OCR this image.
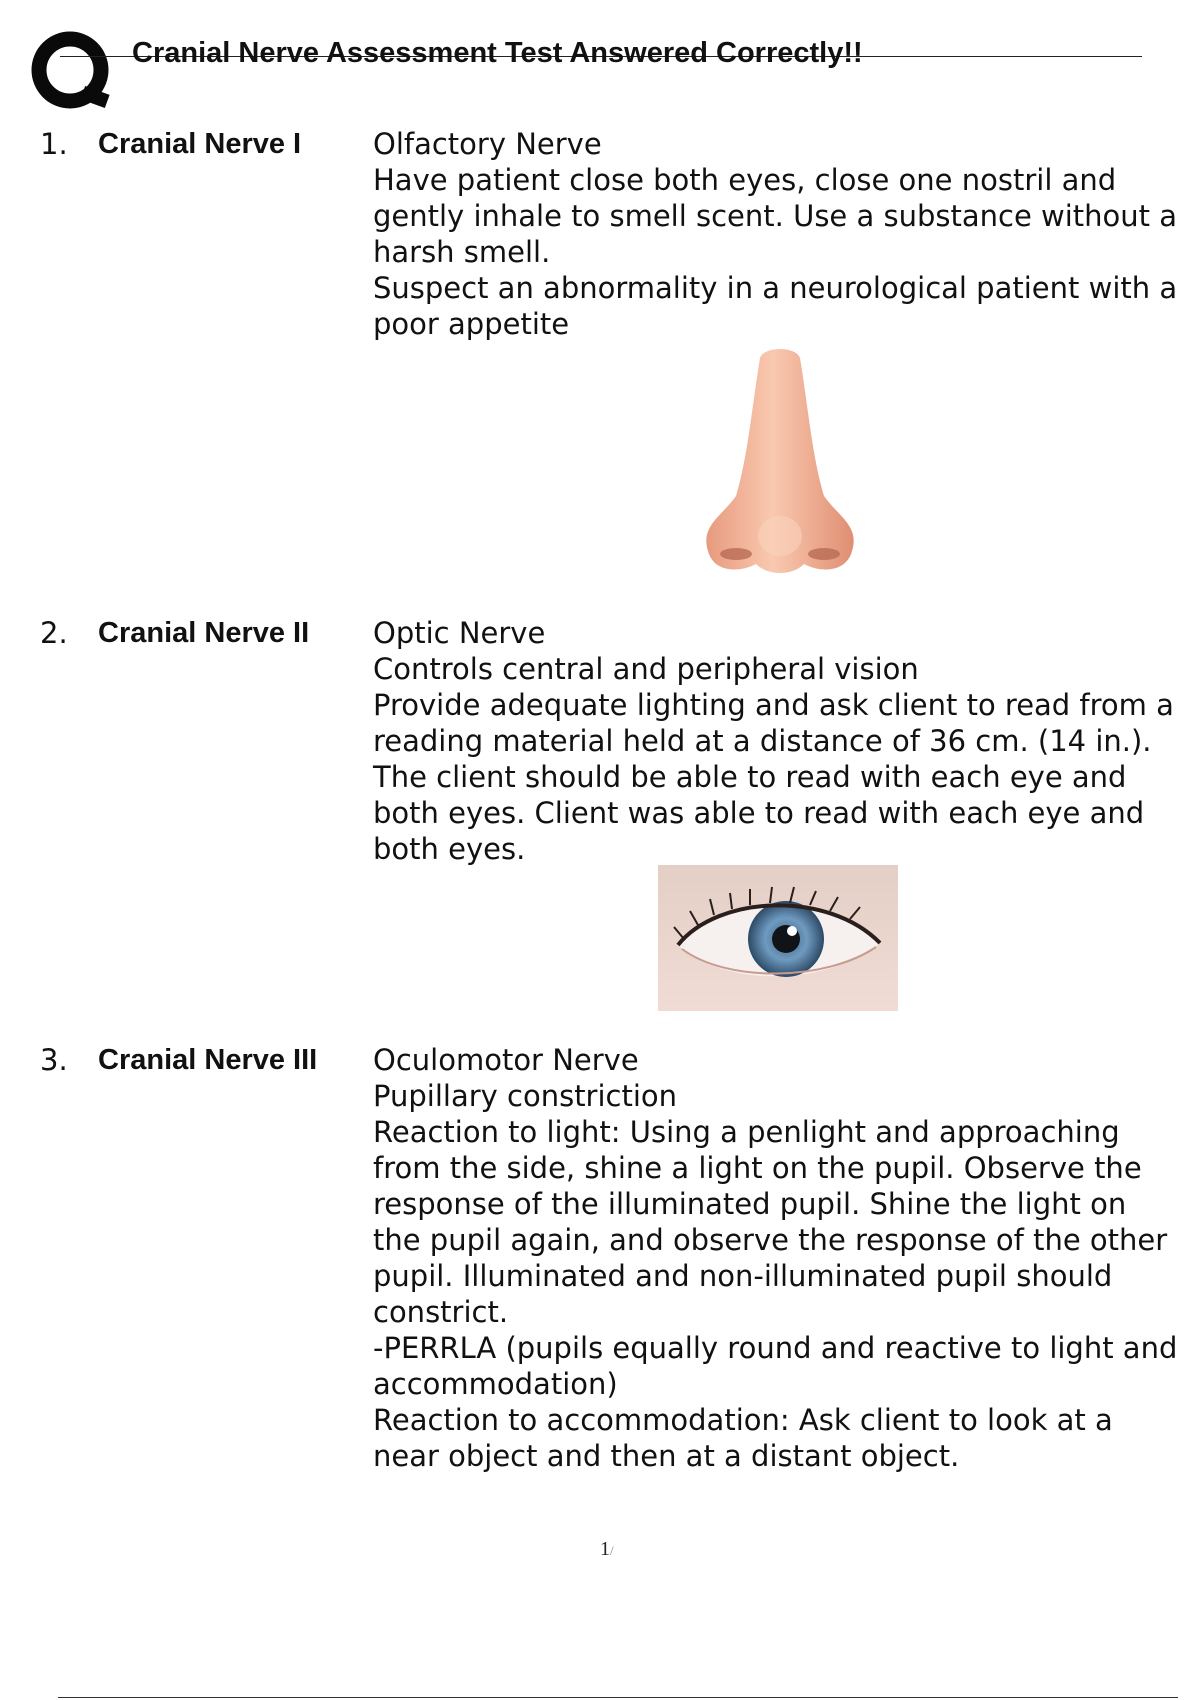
Cranial Nerve Assessment Test Answered Correctly!!
1. Cranial Nerve I Olfactory Nerve

Have patient close both eyes, close one nostril and gently inhale to smell scent. Use a substance without a harsh smell.

Suspect an abnormality in a neurological patient with a poor appetite

2. Cranial Nerve II Optic Nerve

Controls central and peripheral vision

Provide adequate lighting and ask client to read from a reading material held at a distance of 36 cm. (14 in.). The client should be able to read with each eye and both eyes. Client was able to read with each eye and both eyes.

3. Cranial Nerve III Oculomotor Nerve

Pupillary constriction

Reaction to light: Using a penlight and approaching from the side, shine a light on the pupil. Observe the response of the illuminated pupil. Shine the light on the pupil again, and observe the response of the other pupil. Illuminated and non-illuminated pupil should constrict.

-PERRLA (pupils equally round and reactive to light and accommodation)

Reaction to accommodation: Ask client to look at a near object and then at a distant object.

1/
